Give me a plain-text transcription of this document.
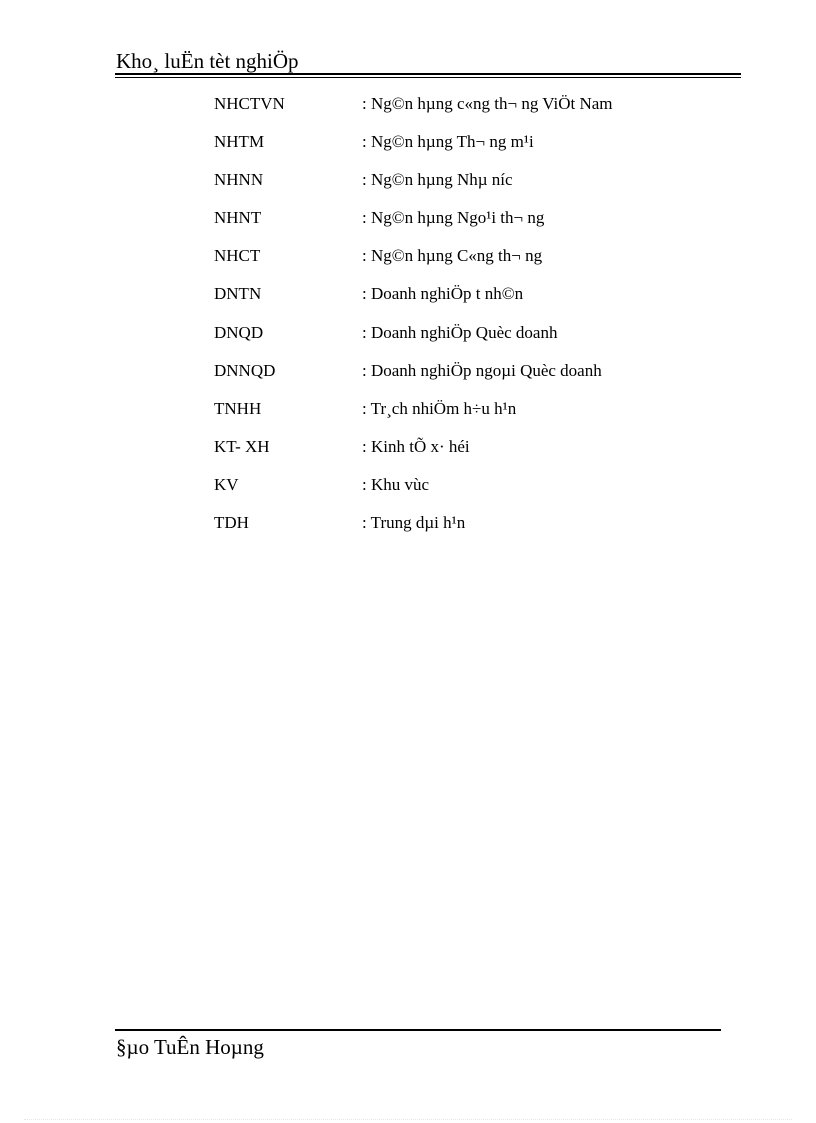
Kho¸ luËn tèt nghiÖp
NHCTVN	: Ng©n hµng c«ng th¬ ng ViÖt Nam
NHTM	: Ng©n hµng Th¬ ng m¹i
NHNN	: Ng©n hµng Nhµ níc
NHNT	: Ng©n hµng Ngo¹i th¬ ng
NHCT	: Ng©n hµng C«ng th¬ ng
DNTN	: Doanh nghiÖp t nh©n
DNQD	: Doanh nghiÖp Quèc doanh
DNNQD	: Doanh nghiÖp ngoµi Quèc doanh
TNHH	: Tr¸ch nhiÖm h÷u h¹n
KT- XH	: Kinh tÕ x· héi
KV	: Khu vùc
TDH	: Trung dµi h¹n
§µo TuÊn Hoµng
